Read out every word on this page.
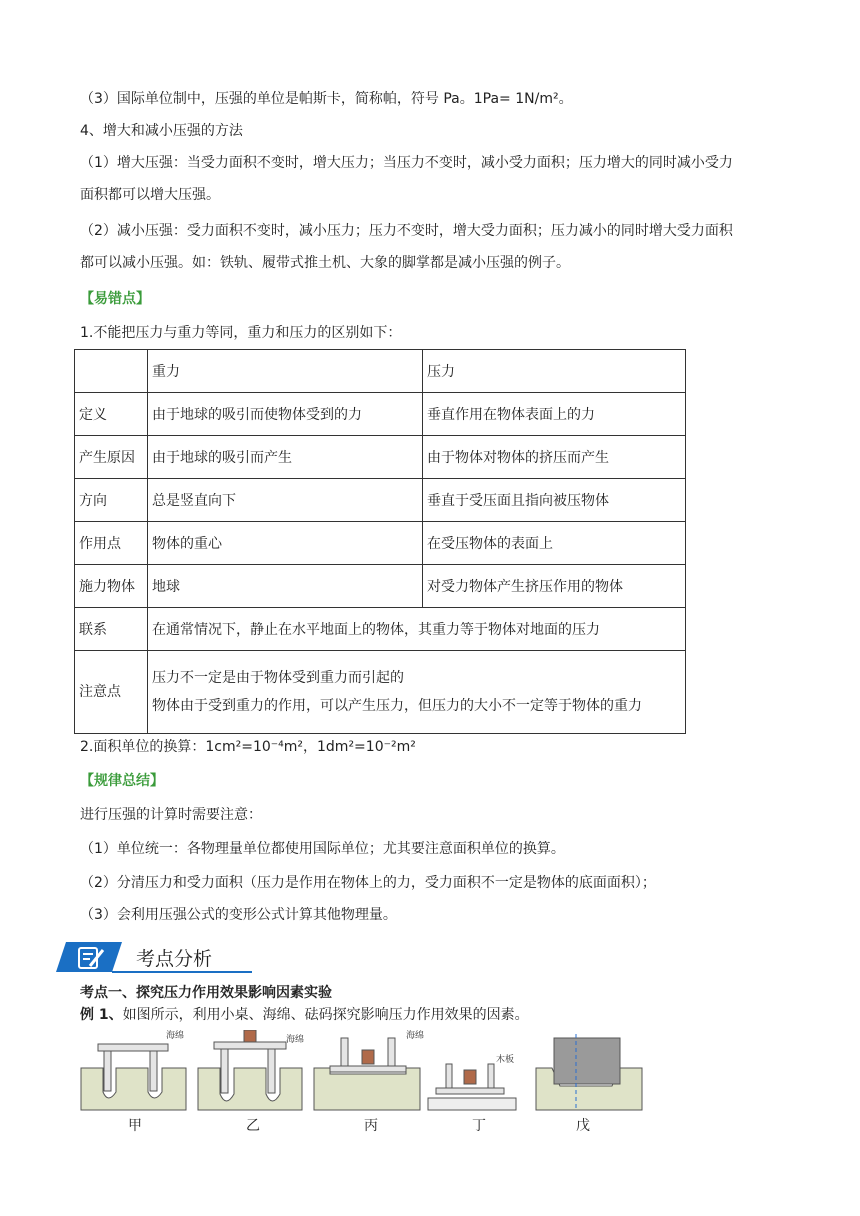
（3）国际单位制中，压强的单位是帕斯卡，简称帕，符号 Pa。1Pa= 1N/m²。
4、增大和减小压强的方法
（1）增大压强：当受力面积不变时，增大压力；当压力不变时，减小受力面积；压力增大的同时减小受力
面积都可以增大压强。
（2）减小压强：受力面积不变时，减小压力；压力不变时，增大受力面积；压力减小的同时增大受力面积
都可以减小压强。如：铁轨、履带式推土机、大象的脚掌都是减小压强的例子。
【易错点】
1.不能把压力与重力等同，重力和压力的区别如下：
	重力	压力
定义	由于地球的吸引而使物体受到的力	垂直作用在物体表面上的力
产生原因	由于地球的吸引而产生	由于物体对物体的挤压而产生
方向	总是竖直向下	垂直于受压面且指向被压物体
作用点	物体的重心	在受压物体的表面上
施力物体	地球	对受力物体产生挤压作用的物体
联系	在通常情况下，静止在水平地面上的物体，其重力等于物体对地面的压力	
注意点	压力不一定是由于物体受到重力而引起的
物体由于受到重力的作用，可以产生压力，但压力的大小不一定等于物体的重力	
2.面积单位的换算：1cm²=10⁻⁴m²，1dm²=10⁻²m²
【规律总结】
进行压强的计算时需要注意：
（1）单位统一：各物理量单位都使用国际单位；尤其要注意面积单位的换算。
（2）分清压力和受力面积（压力是作用在物体上的力，受力面积不一定是物体的底面面积）；
（3）会利用压强公式的变形公式计算其他物理量。
考点分析
考点一、探究压力作用效果影响因素实验
例 1、如图所示，利用小桌、海绵、砝码探究影响压力作用效果的因素。
海绵
甲
海绵
乙
海绵
丙
木板
丁	戊
